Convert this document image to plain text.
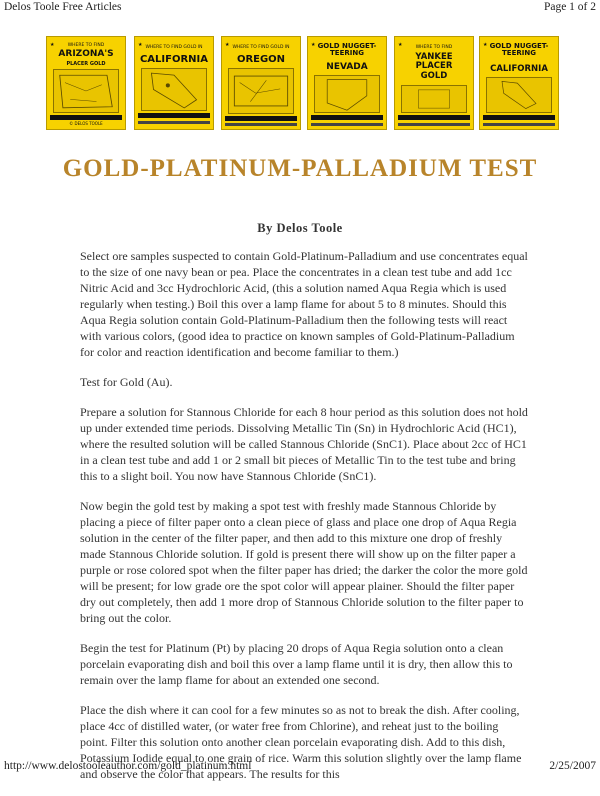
Delos Toole Free Articles	Page 1 of 2
★	WHERE TO FIND
ARIZONA'S
PLACER GOLD
© DELOS TOOLE
★ WHERE TO FIND GOLD IN
CALIFORNIA
★ WHERE TO FIND GOLD IN
OREGON
★ GOLD NUGGET-TEERING
NEVADA
★	WHERE TO FIND
YANKEE PLACER GOLD
★ GOLD NUGGET-TEERING
CALIFORNIA
GOLD-PLATINUM-PALLADIUM TEST
By Delos Toole

Select ore samples suspected to contain Gold-Platinum-Palladium and use concentrates equal to the size of one navy bean or pea. Place the concentrates in a clean test tube and add 1cc Nitric Acid and 3cc Hydrochloric Acid, (this a solution named Aqua Regia which is used regularly when testing.) Boil this over a lamp flame for about 5 to 8 minutes. Should this Aqua Regia solution contain Gold-Platinum-Palladium then the following tests will react with various colors, (good idea to practice on known samples of Gold-Platinum-Palladium for color and reaction identification and become familiar to them.)

Test for Gold (Au).

Prepare a solution for Stannous Chloride for each 8 hour period as this solution does not hold up under extended time periods. Dissolving Metallic Tin (Sn) in Hydrochloric Acid (HC1), where the resulted solution will be called Stannous Chloride (SnC1). Place about 2cc of HC1 in a clean test tube and add 1 or 2 small bit pieces of Metallic Tin to the test tube and bring this to a slight boil. You now have Stannous Chloride (SnC1).

Now begin the gold test by making a spot test with freshly made Stannous Chloride by placing a piece of filter paper onto a clean piece of glass and place one drop of Aqua Regia solution in the center of the filter paper, and then add to this mixture one drop of freshly made Stannous Chloride solution. If gold is present there will show up on the filter paper a purple or rose colored spot when the filter paper has dried; the darker the color the more gold will be present; for low grade ore the spot color will appear plainer. Should the filter paper dry out completely, then add 1 more drop of Stannous Chloride solution to the filter paper to bring out the color.

Begin the test for Platinum (Pt) by placing 20 drops of Aqua Regia solution onto a clean porcelain evaporating dish and boil this over a lamp flame until it is dry, then allow this to remain over the lamp flame for about an extended one second.

Place the dish where it can cool for a few minutes so as not to break the dish. After cooling, place 4cc of distilled water, (or water free from Chlorine), and reheat just to the boiling point. Filter this solution onto another clean porcelain evaporating dish. Add to this dish, Potassium Iodide equal to one grain of rice. Warm this solution slightly over the lamp flame and observe the color that appears. The results for this

http://www.delostooleauthor.com/gold_platinum.html	2/25/2007
